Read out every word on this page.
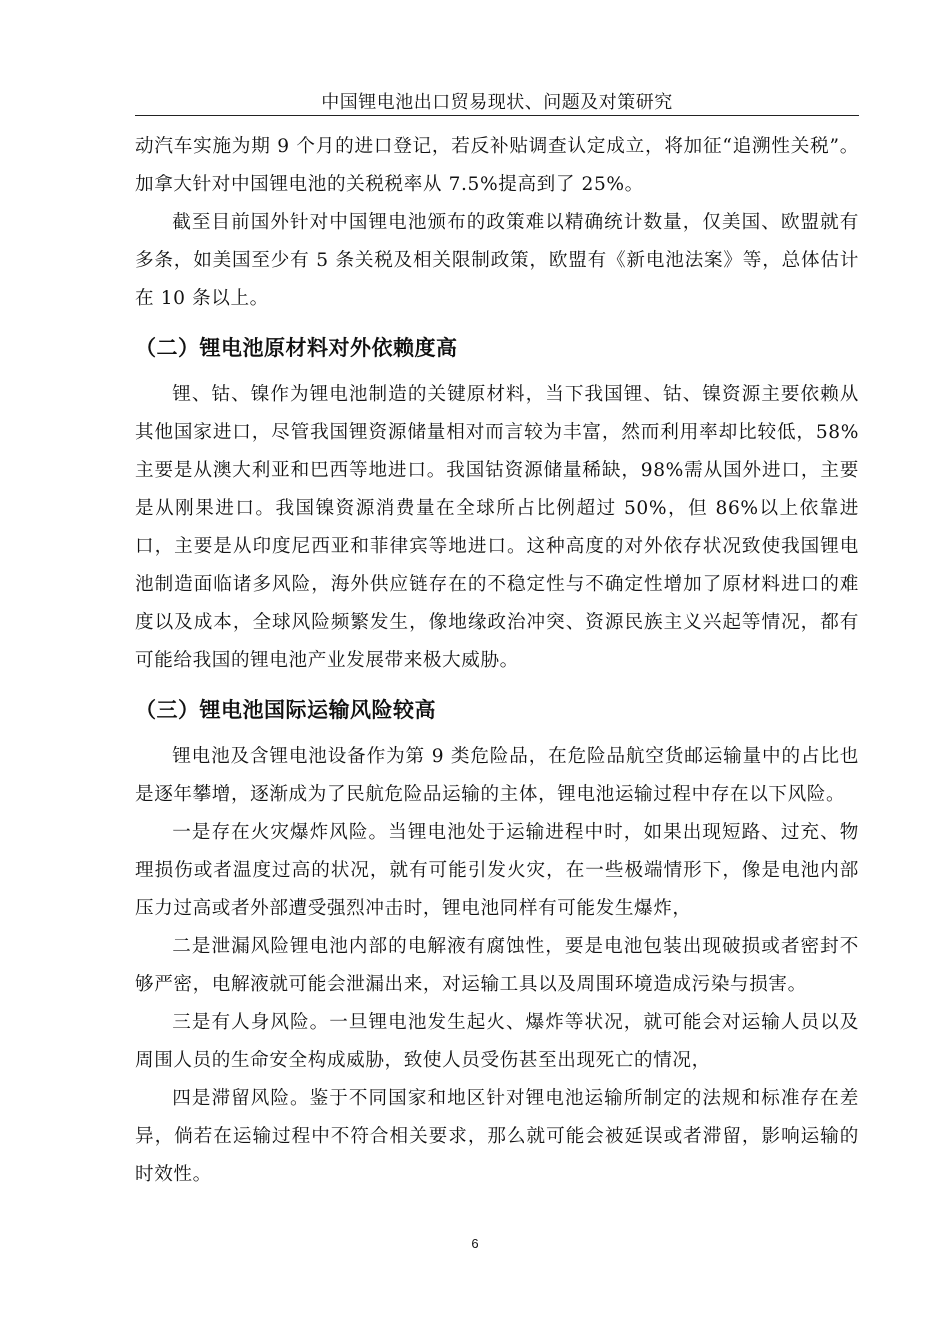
中国锂电池出口贸易现状、问题及对策研究

动汽车实施为期 9 个月的进口登记，若反补贴调查认定成立，将加征“追溯性关税”。加拿大针对中国锂电池的关税税率从 7.5%提高到了 25%。

截至目前国外针对中国锂电池颁布的政策难以精确统计数量，仅美国、欧盟就有多条，如美国至少有 5 条关税及相关限制政策，欧盟有《新电池法案》等，总体估计在 10 条以上。

（二）锂电池原材料对外依赖度高

锂、钴、镍作为锂电池制造的关键原材料，当下我国锂、钴、镍资源主要依赖从其他国家进口，尽管我国锂资源储量相对而言较为丰富，然而利用率却比较低，58%主要是从澳大利亚和巴西等地进口。我国钴资源储量稀缺，98%需从国外进口，主要是从刚果进口。我国镍资源消费量在全球所占比例超过 50%，但 86%以上依靠进口，主要是从印度尼西亚和菲律宾等地进口。这种高度的对外依存状况致使我国锂电池制造面临诸多风险，海外供应链存在的不稳定性与不确定性增加了原材料进口的难度以及成本，全球风险频繁发生，像地缘政治冲突、资源民族主义兴起等情况，都有可能给我国的锂电池产业发展带来极大威胁。

（三）锂电池国际运输风险较高

锂电池及含锂电池设备作为第 9 类危险品，在危险品航空货邮运输量中的占比也是逐年攀增，逐渐成为了民航危险品运输的主体，锂电池运输过程中存在以下风险。

一是存在火灾爆炸风险。当锂电池处于运输进程中时，如果出现短路、过充、物理损伤或者温度过高的状况，就有可能引发火灾，在一些极端情形下，像是电池内部压力过高或者外部遭受强烈冲击时，锂电池同样有可能发生爆炸，

二是泄漏风险锂电池内部的电解液有腐蚀性，要是电池包装出现破损或者密封不够严密，电解液就可能会泄漏出来，对运输工具以及周围环境造成污染与损害。

三是有人身风险。一旦锂电池发生起火、爆炸等状况，就可能会对运输人员以及周围人员的生命安全构成威胁，致使人员受伤甚至出现死亡的情况，

四是滞留风险。鉴于不同国家和地区针对锂电池运输所制定的法规和标准存在差异，倘若在运输过程中不符合相关要求，那么就可能会被延误或者滞留，影响运输的时效性。

6
